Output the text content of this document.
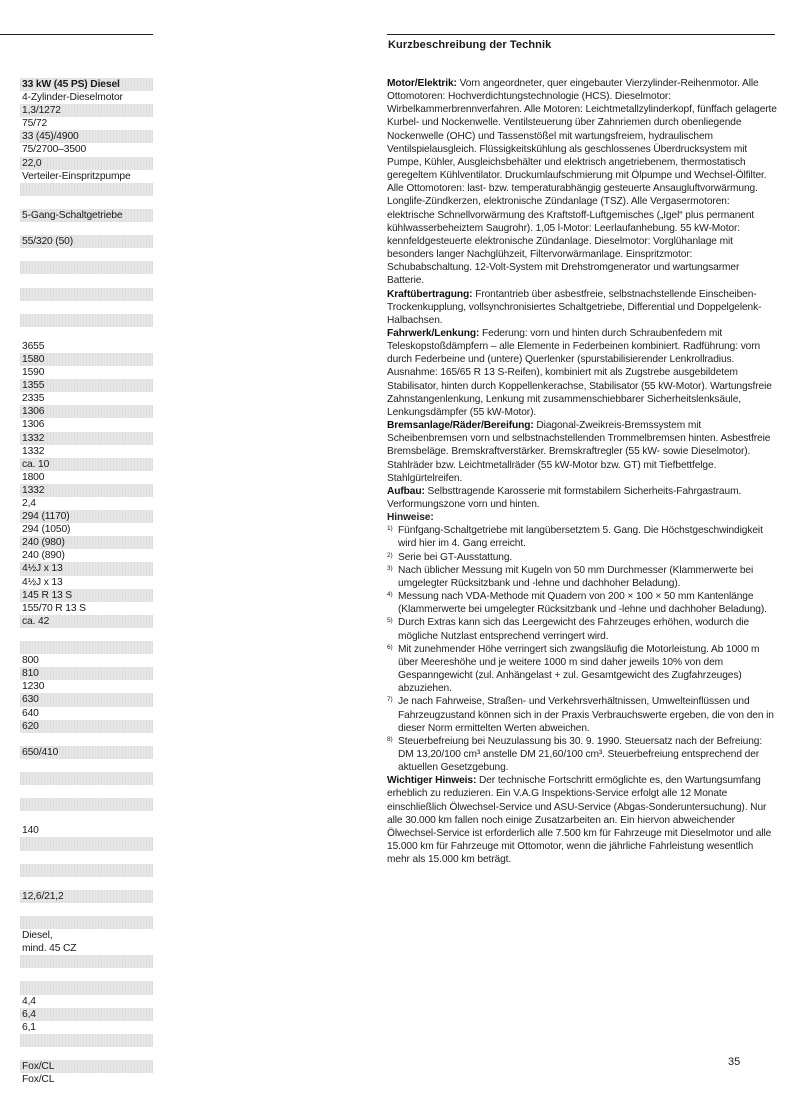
Kurzbeschreibung der Technik
33 kW (45 PS) Diesel
4-Zylinder-Dieselmotor
1,3/1272
75/72
33 (45)/4900
75/2700–3500
22,0
Verteiler-Einspritzpumpe
5-Gang-Schaltgetriebe
55/320 (50)
3655
1580
1590
1355
2335
1306
1306
1332
1332
ca. 10
1800
1332
2,4
294 (1170)
294 (1050)
240 (980)
240 (890)
4½J x 13
4½J x 13
145 R 13 S
155/70 R 13 S
ca. 42
800
810
1230
630
640
620
650/410
140
12,6/21,2
Diesel,
mind. 45 CZ
4,4
6,4
6,1
Fox/CL
Fox/CL

Motor/Elektrik: Vorn angeordneter, quer eingebauter Vierzylinder-Reihenmotor. Alle Ottomotoren: Hochverdichtungstechnologie (HCS). Dieselmotor: Wirbelkammerbrennverfahren. Alle Motoren: Leichtmetallzylinderkopf, fünffach gelagerte Kurbel- und Nockenwelle. Ventilsteuerung über Zahnriemen durch obenliegende Nockenwelle (OHC) und Tassenstößel mit wartungsfreiem, hydraulischem Ventilspielausgleich. Flüssigkeitskühlung als geschlossenes Überdrucksystem mit Pumpe, Kühler, Ausgleichsbehälter und elektrisch angetriebenem, thermostatisch geregeltem Kühlventilator. Druckumlaufschmierung mit Ölpumpe und Wechsel-Ölfilter. Alle Ottomotoren: last- bzw. temperaturabhängig gesteuerte Ansaugluftvorwärmung. Longlife-Zündkerzen, elektronische Zündanlage (TSZ). Alle Vergasermotoren: elektrische Schnellvorwärmung des Kraftstoff-Luftgemisches („Igel“ plus permanent kühlwasserbeheiztem Saugrohr). 1,05 l-Motor: Leerlaufanhebung. 55 kW-Motor: kennfeldgesteuerte elektronische Zündanlage. Dieselmotor: Vorglühanlage mit besonders langer Nachglühzeit, Filtervorwärmanlage. Einspritzmotor: Schubabschaltung. 12-Volt-System mit Drehstromgenerator und wartungsarmer Batterie.

Kraftübertragung: Frontantrieb über asbestfreie, selbstnachstellende Einscheiben-Trockenkupplung, vollsynchronisiertes Schaltgetriebe, Differential und Doppelgelenk-Halbachsen.

Fahrwerk/Lenkung: Federung: vorn und hinten durch Schraubenfedern mit Teleskopstoßdämpfern – alle Elemente in Federbeinen kombiniert. Radführung: vorn durch Federbeine und (untere) Querlenker (spurstabilisierender Lenkrollradius. Ausnahme: 165/65 R 13 S-Reifen), kombiniert mit als Zugstrebe ausgebildetem Stabilisator, hinten durch Koppellenkerachse, Stabilisator (55 kW-Motor). Wartungsfreie Zahnstangenlenkung, Lenkung mit zusammenschiebbarer Sicherheitslenksäule, Lenkungsdämpfer (55 kW-Motor).

Bremsanlage/Räder/Bereifung: Diagonal-Zweikreis-Bremssystem mit Scheibenbremsen vorn und selbstnachstellenden Trommelbremsen hinten. Asbestfreie Bremsbeläge. Bremskraftverstärker. Bremskraftregler (55 kW- sowie Dieselmotor). Stahlräder bzw. Leichtmetallräder (55 kW-Motor bzw. GT) mit Tiefbettfelge. Stahlgürtelreifen.

Aufbau: Selbsttragende Karosserie mit formstabilem Sicherheits-Fahrgastraum. Verformungszone vorn und hinten.

Hinweise:

1) Fünfgang-Schaltgetriebe mit langübersetztem 5. Gang. Die Höchstgeschwindigkeit wird hier im 4. Gang erreicht.
2) Serie bei GT-Ausstattung.
3) Nach üblicher Messung mit Kugeln von 50 mm Durchmesser (Klammerwerte bei umgelegter Rücksitzbank und -lehne und dachhoher Beladung).
4) Messung nach VDA-Methode mit Quadern von 200 × 100 × 50 mm Kantenlänge (Klammerwerte bei umgelegter Rücksitzbank und -lehne und dachhoher Beladung).
5) Durch Extras kann sich das Leergewicht des Fahrzeuges erhöhen, wodurch die mögliche Nutzlast entsprechend verringert wird.
6) Mit zunehmender Höhe verringert sich zwangsläufig die Motorleistung. Ab 1000 m über Meereshöhe und je weitere 1000 m sind daher jeweils 10% von dem Gespanngewicht (zul. Anhängelast + zul. Gesamtgewicht des Zugfahrzeuges) abzuziehen.
7) Je nach Fahrweise, Straßen- und Verkehrsverhältnissen, Umwelteinflüssen und Fahrzeugzustand können sich in der Praxis Verbrauchswerte ergeben, die von den in dieser Norm ermittelten Werten abweichen.
8) Steuerbefreiung bei Neuzulassung bis 30. 9. 1990. Steuersatz nach der Befreiung: DM 13,20/100 cm³ anstelle DM 21,60/100 cm³. Steuerbefreiung entsprechend der aktuellen Gesetzgebung.

Wichtiger Hinweis: Der technische Fortschritt ermöglichte es, den Wartungsumfang erheblich zu reduzieren. Ein V.A.G Inspektions-Service erfolgt alle 12 Monate einschließlich Ölwechsel-Service und ASU-Service (Abgas-Sonderuntersuchung). Nur alle 30.000 km fallen noch einige Zusatzarbeiten an. Ein hiervon abweichender Ölwechsel-Service ist erforderlich alle 7.500 km für Fahrzeuge mit Dieselmotor und alle 15.000 km für Fahrzeuge mit Ottomotor, wenn die jährliche Fahrleistung wesentlich mehr als 15.000 km beträgt.

35
